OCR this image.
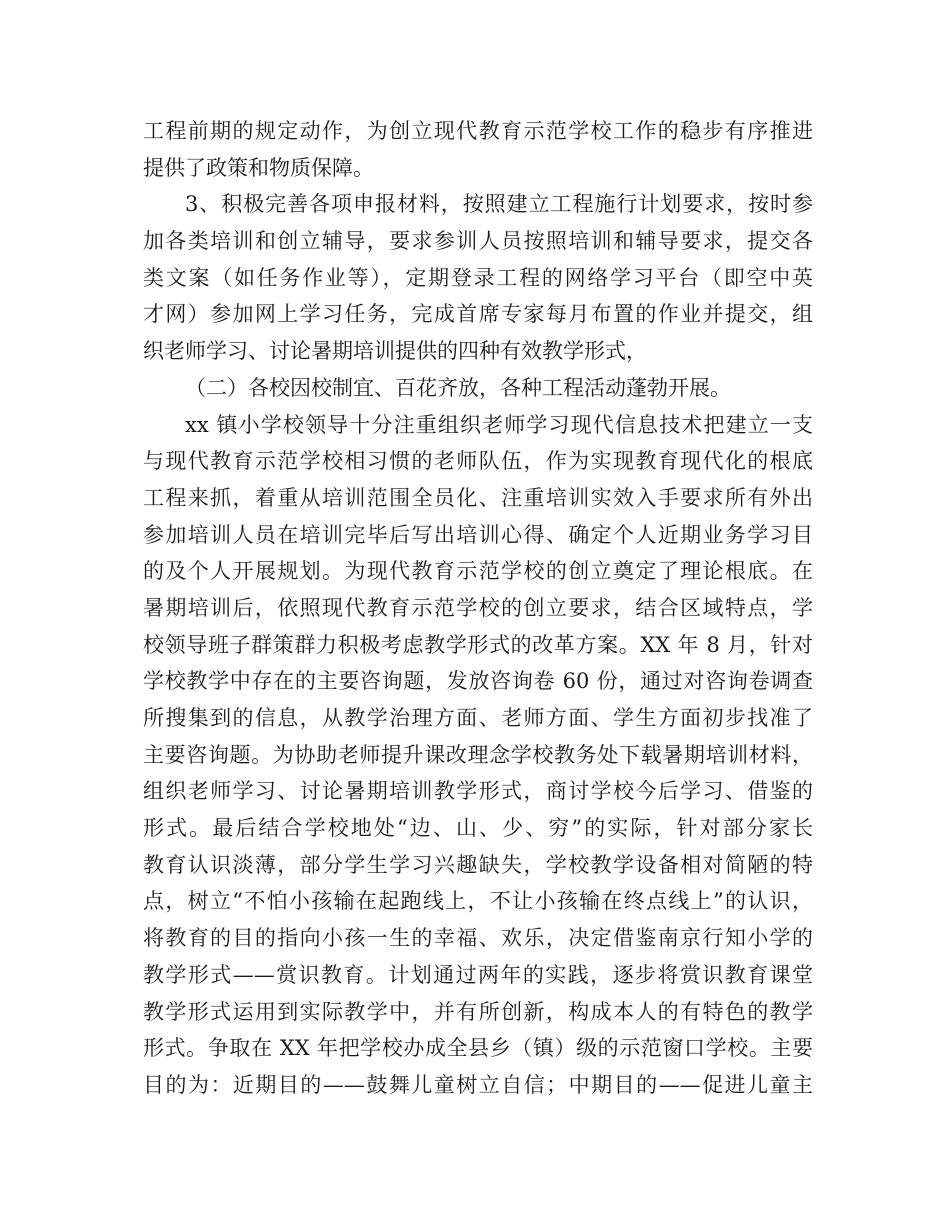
工程前期的规定动作，为创立现代教育示范学校工作的稳步有序推进
提供了政策和物质保障。
3、积极完善各项申报材料，按照建立工程施行计划要求，按时参
加各类培训和创立辅导，要求参训人员按照培训和辅导要求，提交各
类文案（如任务作业等），定期登录工程的网络学习平台（即空中英
才网）参加网上学习任务，完成首席专家每月布置的作业并提交，组
织老师学习、讨论暑期培训提供的四种有效教学形式，
（二）各校因校制宜、百花齐放，各种工程活动蓬勃开展。
xx 镇小学校领导十分注重组织老师学习现代信息技术把建立一支
与现代教育示范学校相习惯的老师队伍，作为实现教育现代化的根底
工程来抓，着重从培训范围全员化、注重培训实效入手要求所有外出
参加培训人员在培训完毕后写出培训心得、确定个人近期业务学习目
的及个人开展规划。为现代教育示范学校的创立奠定了理论根底。在
暑期培训后，依照现代教育示范学校的创立要求，结合区域特点，学
校领导班子群策群力积极考虑教学形式的改革方案。XX 年 8 月，针对
学校教学中存在的主要咨询题，发放咨询卷 60 份，通过对咨询卷调查
所搜集到的信息，从教学治理方面、老师方面、学生方面初步找准了
主要咨询题。为协助老师提升课改理念学校教务处下载暑期培训材料，
组织老师学习、讨论暑期培训教学形式，商讨学校今后学习、借鉴的
形式。最后结合学校地处“边、山、少、穷”的实际，针对部分家长
教育认识淡薄，部分学生学习兴趣缺失，学校教学设备相对简陋的特
点，树立“不怕小孩输在起跑线上，不让小孩输在终点线上”的认识，
将教育的目的指向小孩一生的幸福、欢乐，决定借鉴南京行知小学的
教学形式——赏识教育。计划通过两年的实践，逐步将赏识教育课堂
教学形式运用到实际教学中，并有所创新，构成本人的有特色的教学
形式。争取在 XX 年把学校办成全县乡（镇）级的示范窗口学校。主要
目的为：近期目的——鼓舞儿童树立自信；中期目的——促进儿童主
